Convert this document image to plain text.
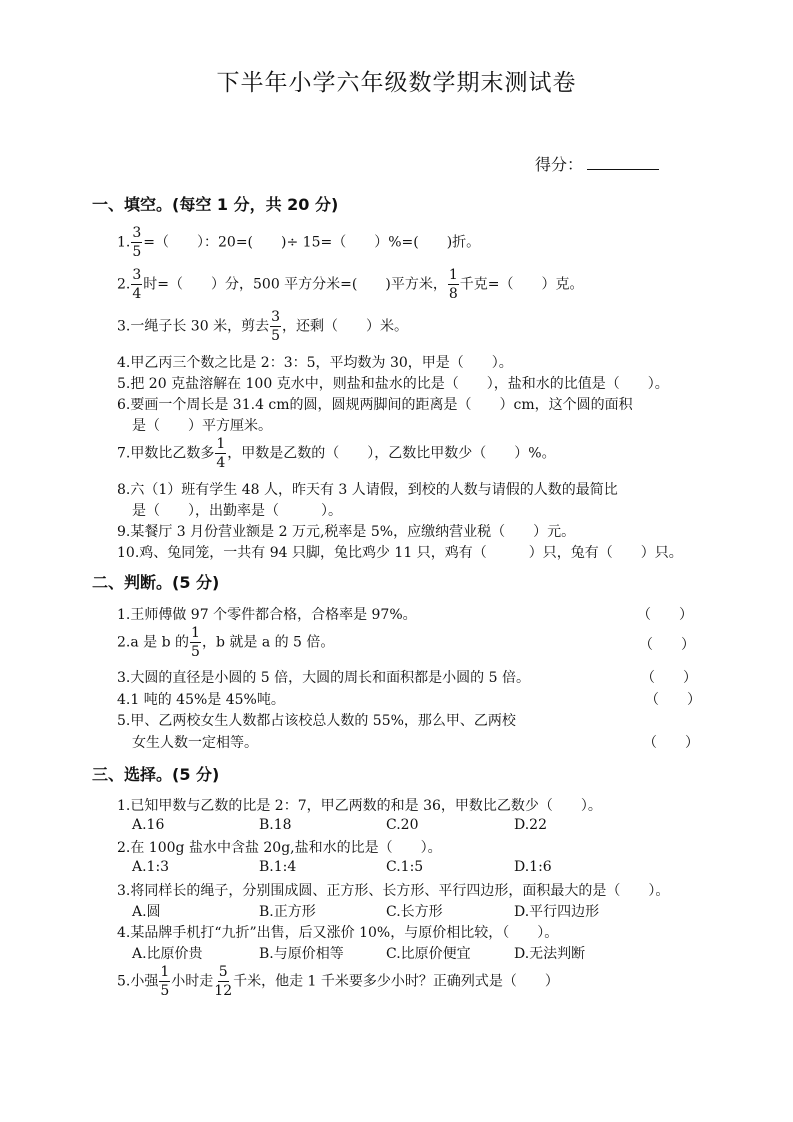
下半年小学六年级数学期末测试卷
得分：
一、填空。(每空 1 分，共 20 分)
1. $\frac{3}{5}$ =（　　）：20=(　　)÷ 15=（　　）%=(　　)折。
2. $\frac{3}{4}$ 时=（　　）分，500 平方分米=(　　)平方米， $\frac{1}{8}$ 千克=（　　）克。
3.一绳子长 30 米，剪去 $\frac{3}{5}$ ，还剩（　　）米。
4.甲乙丙三个数之比是 2：3：5，平均数为 30，甲是（　　）。
5.把 20 克盐溶解在 100 克水中，则盐和盐水的比是（　　），盐和水的比值是（　　）。
6.要画一个周长是 31.4 cm的圆，圆规两脚间的距离是（　　）cm，这个圆的面积
是（　　）平方厘米。
7.甲数比乙数多 $\frac{1}{4}$ ，甲数是乙数的（　　），乙数比甲数少（　　）%。
8.六（1）班有学生 48 人，昨天有 3 人请假，到校的人数与请假的人数的最简比
是（　　），出勤率是（　　　）。
9.某餐厅 3 月份营业额是 2 万元,税率是 5%，应缴纳营业税（　　）元。
10.鸡、兔同笼，一共有 94 只脚，兔比鸡少 11 只，鸡有（　　　）只，兔有（　　）只。
二、判断。(5 分)
1.王师傅做 97 个零件都合格，合格率是 97%。	（　　）
2.a 是 b 的 $\frac{1}{5}$ ，b 就是 a 的 5 倍。	（　　）
3.大圆的直径是小圆的 5 倍，大圆的周长和面积都是小圆的 5 倍。	（　　）
4.1 吨的 45%是 45%吨。	（　　）
5.甲、乙两校女生人数都占该校总人数的 55%，那么甲、乙两校
女生人数一定相等。	（　　）
三、选择。(5 分)
1.已知甲数与乙数的比是 2：7，甲乙两数的和是 36，甲数比乙数少（　　）。
A.16	B.18	C.20	D.22
2.在 100g 盐水中含盐 20g,盐和水的比是（　　）。
A.1:3	B.1:4	C.1:5	D.1:6
3.将同样长的绳子，分别围成圆、正方形、长方形、平行四边形，面积最大的是（　　）。
A.圆	B.正方形	C.长方形	D.平行四边形
4.某品牌手机打“九折”出售，后又涨价 10%，与原价相比较，（　　）。
A.比原价贵	B.与原价相等	C.比原价便宜	D.无法判断
5.小强 $\frac{1}{5}$ 小时走 $\frac{5}{12}$ 千米，他走 1 千米要多少小时？正确列式是（　　）
